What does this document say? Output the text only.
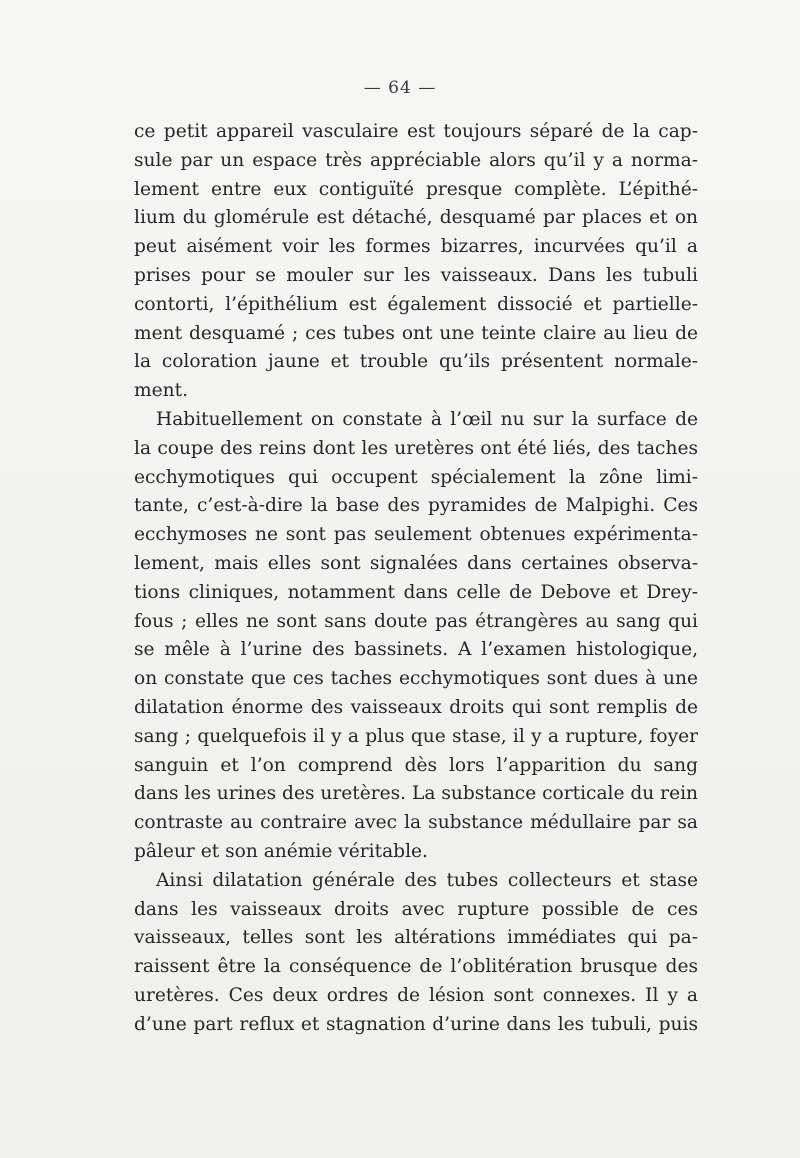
— 64 —
ce petit appareil vasculaire est toujours séparé de la cap-
sule par un espace très appréciable alors qu’il y a norma-
lement entre eux contiguïté presque complète. L’épithé-
lium du glomérule est détaché, desquamé par places et on
peut aisément voir les formes bizarres, incurvées qu’il a
prises pour se mouler sur les vaisseaux. Dans les tubuli
contorti, l’épithélium est également dissocié et partielle-
ment desquamé ; ces tubes ont une teinte claire au lieu de
la coloration jaune et trouble qu’ils présentent normale-
ment.
Habituellement on constate à l’œil nu sur la surface de
la coupe des reins dont les uretères ont été liés, des taches
ecchymotiques qui occupent spécialement la zône limi-
tante, c’est-à-dire la base des pyramides de Malpighi. Ces
ecchymoses ne sont pas seulement obtenues expérimenta-
lement, mais elles sont signalées dans certaines observa-
tions cliniques, notamment dans celle de Debove et Drey-
fous ; elles ne sont sans doute pas étrangères au sang qui
se mêle à l’urine des bassinets. A l’examen histologique,
on constate que ces taches ecchymotiques sont dues à une
dilatation énorme des vaisseaux droits qui sont remplis de
sang ; quelquefois il y a plus que stase, il y a rupture, foyer
sanguin et l’on comprend dès lors l’apparition du sang
dans les urines des uretères. La substance corticale du rein
contraste au contraire avec la substance médullaire par sa
pâleur et son anémie véritable.
Ainsi dilatation générale des tubes collecteurs et stase
dans les vaisseaux droits avec rupture possible de ces
vaisseaux, telles sont les altérations immédiates qui pa-
raissent être la conséquence de l’oblitération brusque des
uretères. Ces deux ordres de lésion sont connexes. Il y a
d’une part reflux et stagnation d’urine dans les tubuli, puis
